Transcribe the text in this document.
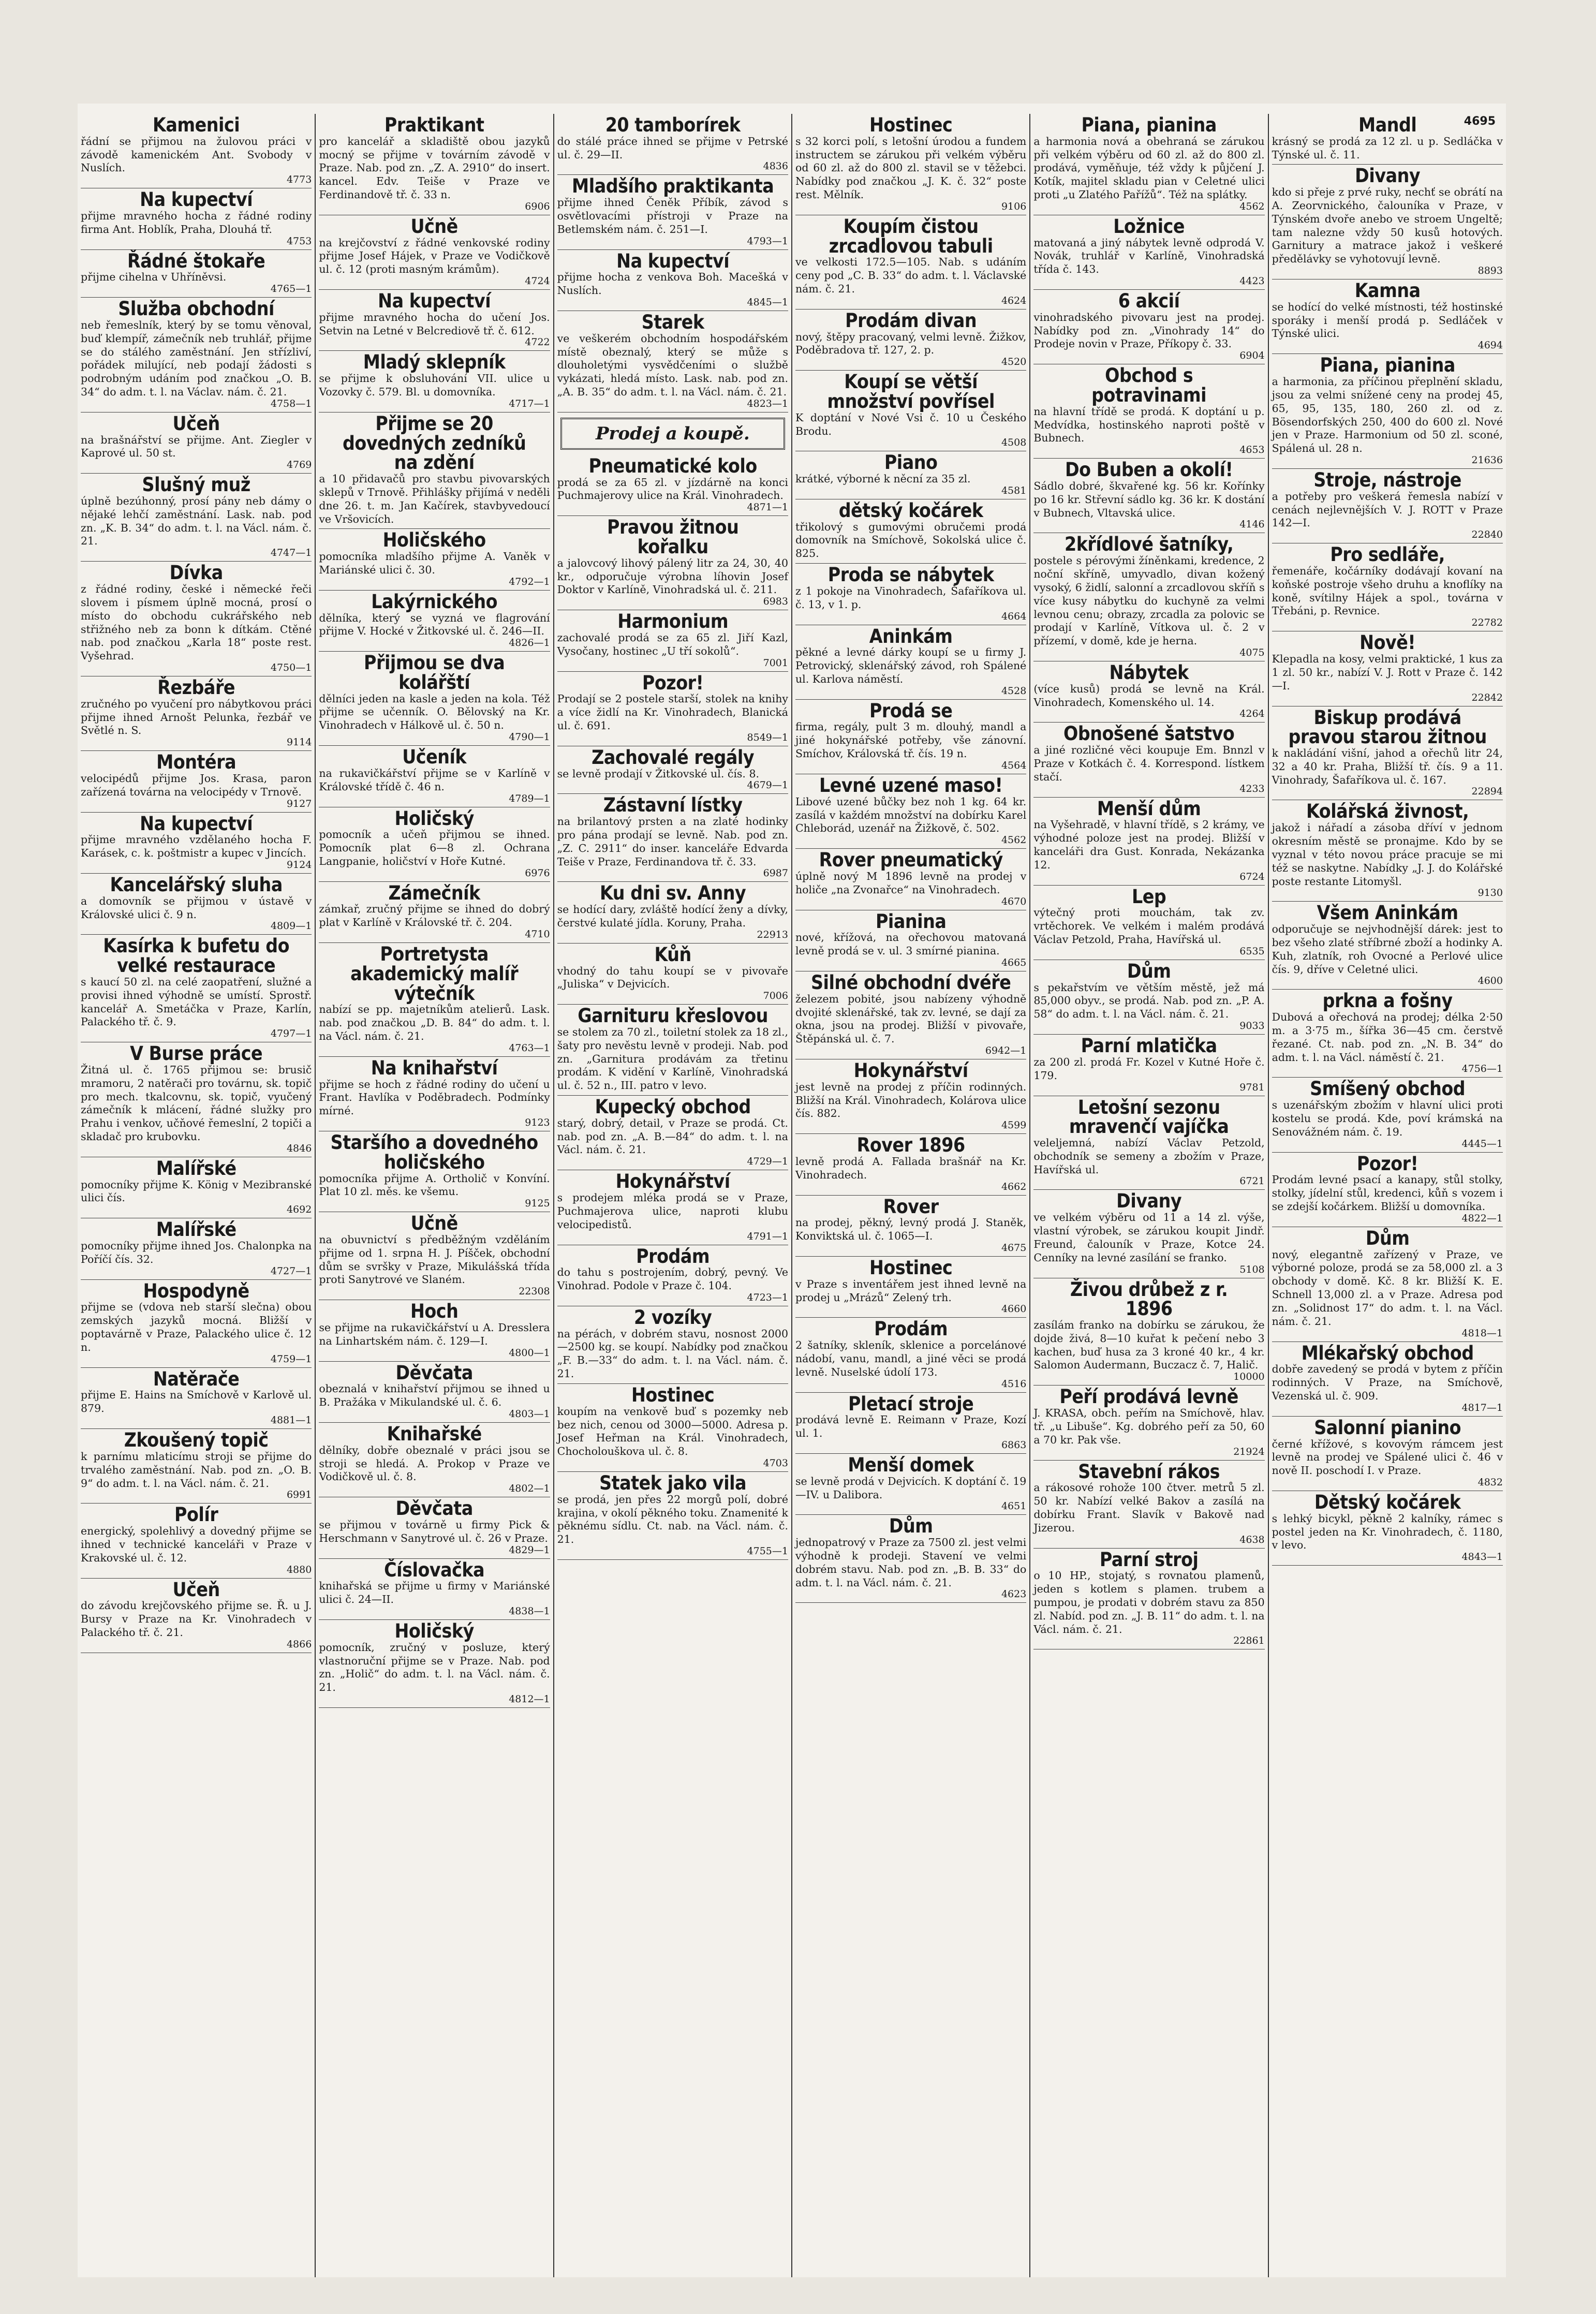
4695
Kamenici
řádní se přijmou na žulovou práci v závodě kamenickém Ant. Svobody v Nuslích.
4773
Na kupectví
přijme mravného hocha z řádné rodiny firma Ant. Hoblík, Praha, Dlouhá tř.
4753
Řádné štokaře
přijme cihelna v Uhříněvsi.
4765—1
Služba obchodní
neb řemeslník, který by se tomu věnoval, buď klempíř, zámečník neb truhlář, přijme se do stálého zaměstnání. Jen střízliví, pořádek milující, neb podají žádosti s podrobným udáním pod značkou „O. B. 34“ do adm. t. l. na Václav. nám. č. 21.
4758—1
Učeň
na brašnářství se přijme. Ant. Ziegler v Kaprové ul. 50 st.
4769
Slušný muž
úplně bezúhonný, prosí pány neb dámy o nějaké lehčí zaměstnání. Lask. nab. pod zn. „K. B. 34“ do adm. t. l. na Václ. nám. č. 21.
4747—1
Dívka
z řádné rodiny, české i německé řeči slovem i písmem úplně mocná, prosí o místo do obchodu cukrářského neb střižného neb za bonn k dítkám. Ctěné nab. pod značkou „Karla 18“ poste rest. Vyšehrad.
4750—1
Řezbáře
zručného po vyučení pro nábytkovou práci přijme ihned Arnošt Pelunka, řezbář ve Světlé n. S.
9114
Montéra
velocipédů přijme Jos. Krasa, paron zařízená továrna na velocipédy v Trnově.
9127
Na kupectví
přijme mravného vzdělaného hocha F. Karásek, c. k. poštmistr a kupec v Jincích.
9124
Kancelářský sluha
a domovník se přijmou v ústavě v Královské ulici č. 9 n.
4809—1
Kasírka k bufetu do velké restaurace
s kaucí 50 zl. na celé zaopatření, služné a provisi ihned výhodně se umístí. Sprostř. kancelář A. Smetáčka v Praze, Karlín, Palackého tř. č. 9.
4797—1
V Burse práce
Žitná ul. č. 1765 přijmou se: brusič mramoru, 2 natěrači pro továrnu, sk. topič pro mech. tkalcovnu, sk. topič, vyučený zámečník k mlácení, řádné služky pro Prahu i venkov, učňové řemeslní, 2 topiči a skladač pro krubovku.
4846
Malířské
pomocníky přijme K. König v Mezibranské ulici čís.
4692
Malířské
pomocníky přijme ihned Jos. Chalonpka na Poříčí čís. 32.
4727—1
Hospodyně
přijme se (vdova neb starší slečna) obou zemských jazyků mocná. Bližší v poptavárně v Praze, Palackého ulice č. 12 n.
4759—1
Natěrače
přijme E. Hains na Smíchově v Karlově ul. 879.
4881—1
Zkoušený topič
k parnímu mlaticímu stroji se přijme do trvalého zaměstnání. Nab. pod zn. „O. B. 9“ do adm. t. l. na Václ. nám. č. 21.
6991
Polír
energický, spolehlivý a dovedný přijme se ihned v technické kanceláři v Praze v Krakovské ul. č. 12.
4880
Učeň
do závodu krejčovského přijme se. Ř. u J. Bursy v Praze na Kr. Vinohradech v Palackého tř. č. 21.
4866
Praktikant
pro kancelář a skladiště obou jazyků mocný se přijme v továrním závodě v Praze. Nab. pod zn. „Z. A. 2910“ do insert. kancel. Edv. Teiše v Praze ve Ferdinandově tř. č. 33 n.
6906
Učně
na krejčovství z řádné venkovské rodiny přijme Josef Hájek, v Praze ve Vodičkově ul. č. 12 (proti masným krámům).
4724
Na kupectví
přijme mravného hocha do učení Jos. Setvin na Letné v Belcrediově tř. č. 612.
4722
Mladý sklepník
se přijme k obsluhování VII. ulice u Vozovky č. 579. Bl. u domovníka.
4717—1
Přijme se 20 dovedných zedníků na zdění
a 10 přidavačů pro stavbu pivovarských sklepů v Trnově. Přihlášky přijímá v neděli dne 26. t. m. Jan Kačírek, stavbyvedoucí ve Vršovicích.
Holičského
pomocníka mladšího přijme A. Vaněk v Mariánské ulici č. 30.
4792—1
Lakýrnického
dělníka, který se vyzná ve flagrování přijme V. Hocké v Žitkovské ul. č. 246—II.
4826—1
Přijmou se dva kolářští
dělníci jeden na kasle a jeden na kola. Též přijme se učenník. O. Bělovský na Kr. Vinohradech v Hálkově ul. č. 50 n.
4790—1
Učeník
na rukavičkářství přijme se v Karlíně v Královské třídě č. 46 n.
4789—1
Holičský
pomocník a učeň přijmou se ihned. Pomocník plat 6—8 zl. Ochrana Langpanie, holičství v Hoře Kutné.
6976
Zámečník
zámkař, zručný přijme se ihned do dobrý plat v Karlíně v Královské tř. č. 204.
4710
Portretysta akademický malíř výtečník
nabízí se pp. majetníkům atelierů. Lask. nab. pod značkou „D. B. 84“ do adm. t. l. na Václ. nám. č. 21.
4763—1
Na knihařství
přijme se hoch z řádné rodiny do učení u Frant. Havlíka v Poděbradech. Podmínky mírné.
9123
Staršího a dovedného holičského
pomocníka přijme A. Ortholič v Konvíní. Plat 10 zl. měs. ke všemu.
9125
Učně
na obuvnictví s předběžným vzděláním přijme od 1. srpna H. J. Píšček, obchodní dům se svršky v Praze, Mikulášská třída proti Sanytrové ve Slaném.
22308
Hoch
se přijme na rukavičkářství u A. Dresslera na Linhartském nám. č. 129—I.
4800—1
Děvčata
obeznalá v knihařství přijmou se ihned u B. Pražáka v Mikulandské ul. č. 6.
4803—1
Knihařské
dělníky, dobře obeznalé v práci jsou se stroji se hledá. A. Prokop v Praze ve Vodičkově ul. č. 8.
4802—1
Děvčata
se přijmou v továrně u firmy Pick & Herschmann v Sanytrové ul. č. 26 v Praze.
4829—1
Číslovačka
knihařská se přijme u firmy v Mariánské ulici č. 24—II.
4838—1
Holičský
pomocník, zručný v posluze, který vlastnoruční přijme se v Praze. Nab. pod zn. „Holič“ do adm. t. l. na Václ. nám. č. 21.
4812—1
20 tamborírek
do stálé práce ihned se přijme v Petrské ul. č. 29—II.
4836
Mladšího praktikanta
přijme ihned Čeněk Příbík, závod s osvětlovacími přístroji v Praze na Betlemském nám. č. 251—I.
4793—1
Na kupectví
přijme hocha z venkova Boh. Macešká v Nuslích.
4845—1
Starek
ve veškerém obchodním hospodářském místě obeznalý, který se může s dlouholetými vysvědčeními o službě vykázati, hledá místo. Lask. nab. pod zn. „A. B. 35“ do adm. t. l. na Václ. nám. č. 21.
4823—1
Prodej a koupě.
Pneumatické kolo
prodá se za 65 zl. v jízdárně na konci Puchmajerovy ulice na Král. Vinohradech.
4871—1
Pravou žitnou kořalku
a jalovcový lihový pálený litr za 24, 30, 40 kr., odporučuje výrobna líhovin Josef Doktor v Karlíně, Vinohradská ul. č. 211.
6983
Harmonium
zachovalé prodá se za 65 zl. Jiří Kazl, Vysočany, hostinec „U tří sokolů“.
7001
Pozor!
Prodají se 2 postele starší, stolek na knihy a více židlí na Kr. Vinohradech, Blanická ul. č. 691.
8549—1
Zachovalé regály
se levně prodají v Žitkovské ul. čís. 8.
4679—1
Zástavní lístky
na brilantový prsten a na zlaté hodinky pro pána prodají se levně. Nab. pod zn. „Z. C. 2911“ do inser. kanceláře Edvarda Teiše v Praze, Ferdinandova tř. č. 33.
6987
Ku dni sv. Anny
se hodící dary, zvláště hodící ženy a dívky, čerstvé kulaté jídla. Koruny, Praha.
22913
Kůň
vhodný do tahu koupí se v pivovaře „Juliska“ v Dejvicích.
7006
Garnituru křeslovou
se stolem za 70 zl., toiletní stolek za 18 zl., šaty pro nevěstu levně v prodeji. Nab. pod zn. „Garnitura prodávám za třetinu prodám. K vidění v Karlíně, Vinohradská ul. č. 52 n., III. patro v levo.
Kupecký obchod
starý, dobrý, detail, v Praze se prodá. Ct. nab. pod zn. „A. B.—84“ do adm. t. l. na Václ. nám. č. 21.
4729—1
Hokynářství
s prodejem mléka prodá se v Praze, Puchmajerova ulice, naproti klubu velocipedistů.
4791—1
Prodám
do tahu s postrojením, dobrý, pevný. Ve Vinohrad. Podole v Praze č. 104.
4723—1
2 vozíky
na pérách, v dobrém stavu, nosnost 2000—2500 kg. se koupí. Nabídky pod značkou „F. B.—33“ do adm. t. l. na Václ. nám. č. 21.
Hostinec
koupím na venkově buď s pozemky neb bez nich, cenou od 3000—5000. Adresa p. Josef Heřman na Král. Vinohradech, Chocholouškova ul. č. 8.
4703
Statek jako vila
se prodá, jen přes 22 morgů polí, dobré krajina, v okolí pěkného toku. Znamenité k pěknému sídlu. Ct. nab. na Václ. nám. č. 21.
4755—1
Hostinec
s 32 korci polí, s letošní úrodou a fundem instructem se zárukou při velkém výběru od 60 zl. až do 800 zl. stavil se v těžebci. Nabídky pod značkou „J. K. č. 32“ poste rest. Mělník.
9106
Koupím čistou zrcadlovou tabuli
ve velkosti 172.5—105. Nab. s udáním ceny pod „C. B. 33“ do adm. t. l. Václavské nám. č. 21.
4624
Prodám divan
nový, štěpy pracovaný, velmi levně. Žižkov, Poděbradova tř. 127, 2. p.
4520
Koupí se větší množství povřísel
K doptání v Nové Vsi č. 10 u Českého Brodu.
4508
Piano
krátké, výborné k něcní za 35 zl.
4581
dětský kočárek
třikolový s gumovými obručemi prodá domovník na Smíchově, Sokolská ulice č. 825.
Proda se nábytek
z 1 pokoje na Vinohradech, Šafaříkova ul. č. 13, v 1. p.
4664
Aninkám
pěkné a levné dárky koupí se u firmy J. Petrovický, sklenářský závod, roh Spálené ul. Karlova náměstí.
4528
Prodá se
firma, regály, pult 3 m. dlouhý, mandl a jiné hokynářské potřeby, vše zánovní. Smíchov, Královská tř. čís. 19 n.
4564
Levné uzené maso!
Libové uzené bůčky bez noh 1 kg. 64 kr. zasílá v každém množství na dobírku Karel Chleborád, uzenář na Žižkově, č. 502.
4562
Rover pneumatický
úplně nový M 1896 levně na prodej v holiče „na Zvonařce“ na Vinohradech.
4670
Pianina
nové, křížová, na ořechovou matovaná levně prodá se v. ul. 3 smírné pianina.
4665
Silné obchodní dvéře
železem pobité, jsou nabízeny výhodně dvojité sklenářské, tak zv. levné, se dají za okna, jsou na prodej. Bližší v pivovaře, Štěpánská ul. č. 7.
6942—1
Hokynářství
jest levně na prodej z příčin rodinných. Bližší na Král. Vinohradech, Kolárova ulice čís. 882.
4599
Rover 1896
levně prodá A. Fallada brašnář na Kr. Vinohradech.
4662
Rover
na prodej, pěkný, levný prodá J. Staněk, Konviktská ul. č. 1065—I.
4675
Hostinec
v Praze s inventářem jest ihned levně na prodej u „Mrázů“ Zelený trh.
4660
Prodám
2 šatníky, skleník, sklenice a porcelánové nádobí, vanu, mandl, a jiné věci se prodá levně. Nuselské údolí 173.
4516
Pletací stroje
prodává levně E. Reimann v Praze, Kozí ul. 1.
6863
Menší domek
se levně prodá v Dejvicích. K doptání č. 19—IV. u Dalibora.
4651
Dům
jednopatrový v Praze za 7500 zl. jest velmi výhodně k prodeji. Stavení ve velmi dobrém stavu. Nab. pod zn. „B. B. 33“ do adm. t. l. na Václ. nám. č. 21.
4623
Piana, pianina
a harmonia nová a obehraná se zárukou při velkém výběru od 60 zl. až do 800 zl. prodává, vyměňuje, též vždy k půjčení J. Kotík, majitel skladu pian v Celetné ulici proti „u Zlatého Pařížů“. Též na splátky.
4562
Ložnice
matovaná a jiný nábytek levně odprodá V. Novák, truhlář v Karlíně, Vinohradská třída č. 143.
4423
6 akcií
vinohradského pivovaru jest na prodej. Nabídky pod zn. „Vinohrady 14“ do Prodeje novin v Praze, Příkopy č. 33.
6904
Obchod s potravinami
na hlavní třídě se prodá. K doptání u p. Medvídka, hostinského naproti poště v Bubnech.
4653
Do Buben a okolí!
Sádlo dobré, škvařené kg. 56 kr. Kořínky po 16 kr. Střevní sádlo kg. 36 kr. K dostání v Bubnech, Vltavská ulice.
4146
2křídlové šatníky,
postele s pérovými žíněnkami, kredence, 2 noční skříně, umyvadlo, divan kožený vysoký, 6 židlí, salonní a zrcadlovou skříň s více kusy nábytku do kuchyně za velmi levnou cenu; obrazy, zrcadla za polovic se prodají v Karlíně, Vítkova ul. č. 2 v přízemí, v domě, kde je herna.
4075
Nábytek
(více kusů) prodá se levně na Král. Vinohradech, Komenského ul. 14.
4264
Obnošené šatstvo
a jiné rozličné věci koupuje Em. Bnnzl v Praze v Kotkách č. 4. Korrespond. lístkem stačí.
4233
Menší dům
na Vyšehradě, v hlavní třídě, s 2 krámy, ve výhodné poloze jest na prodej. Bližší v kanceláři dra Gust. Konrada, Nekázanka 12.
6724
Lep
výtečný proti mouchám, tak zv. vrtěchorek. Ve velkém i malém prodává Václav Petzold, Praha, Havířská ul.
6535
Dům
s pekařstvím ve větším městě, jež má 85,000 obyv., se prodá. Nab. pod zn. „P. A. 58“ do adm. t. l. na Václ. nám. č. 21.
9033
Parní mlatička
za 200 zl. prodá Fr. Kozel v Kutné Hoře č. 179.
9781
Letošní sezonu mravenčí vajíčka
veleljemná, nabízí Václav Petzold, obchodník se semeny a zbožím v Praze, Havířská ul.
6721
Divany
ve velkém výběru od 11 a 14 zl. výše, vlastní výrobek, se zárukou koupit Jindř. Freund, čalouník v Praze, Kotce 24. Cenníky na levné zasílání se franko.
5108
Živou drůbež z r. 1896
zasílám franko na dobírku se zárukou, že dojde živá, 8—10 kuřat k pečení nebo 3 kachen, buď husa za 3 kroné 40 kr., 4 kr. Salomon Audermann, Buczacz č. 7, Halič.
10000
Peří prodává levně
J. KRASA, obch. peřím na Smíchově, hlav. tř. „u Libuše“. Kg. dobrého peří za 50, 60 a 70 kr. Pak vše.
21924
Stavební rákos
a rákosové rohože 100 čtver. metrů 5 zl. 50 kr. Nabízí velké Bakov a zasílá na dobírku Frant. Slavík v Bakově nad Jizerou.
4638
Parní stroj
o 10 HP., stojatý, s rovnatou plamenů, jeden s kotlem s plamen. trubem a pumpou, je prodati v dobrém stavu za 850 zl. Nabíd. pod zn. „J. B. 11“ do adm. t. l. na Václ. nám. č. 21.
22861
Mandl
krásný se prodá za 12 zl. u p. Sedláčka v Týnské ul. č. 11.
Divany
kdo si přeje z prvé ruky, nechť se obrátí na A. Zeorvnického, čalouníka v Praze, v Týnském dvoře anebo ve stroem Ungeltě; tam nalezne vždy 50 kusů hotových. Garnitury a matrace jakož i veškeré předělávky se vyhotovují levně.
8893
Kamna
se hodící do velké místnosti, též hostinské sporáky i menší prodá p. Sedláček v Týnské ulici.
4694
Piana, pianina
a harmonia, za příčinou přeplnění skladu, jsou za velmi snížené ceny na prodej 45, 65, 95, 135, 180, 260 zl. od z. Bösendorfských 250, 400 do 600 zl. Nové jen v Praze. Harmonium od 50 zl. sconé, Spálená ul. 28 n.
21636
Stroje, nástroje
a potřeby pro veškerá řemesla nabízí v cenách nejlevnějších V. J. ROTT v Praze 142—I.
22840
Pro sedláře,
řemenáře, kočárníky dodávají kovaní na koňské postroje všeho druhu a knoflíky na koně, svítilny Hájek a spol., továrna v Třebáni, p. Revnice.
22782
Nově!
Klepadla na kosy, velmi praktické, 1 kus za 1 zl. 50 kr., nabízí V. J. Rott v Praze č. 142—I.
22842
Biskup prodává pravou starou žitnou
k nakládání višní, jahod a ořechů litr 24, 32 a 40 kr. Praha, Bližší tř. čís. 9 a 11. Vinohrady, Šafaříkova ul. č. 167.
22894
Kolářská živnost,
jakož i nářadí a zásoba dříví v jednom okresním městě se pronajme. Kdo by se vyznal v této novou práce pracuje se mi též se naskytne. Nabídky „J. J. do Kolářské poste restante Litomyšl.
9130
Všem Aninkám
odporučuje se nejvhodnější dárek: jest to bez všeho zlaté stříbrné zboží a hodinky A. Kuh, zlatník, roh Ovocné a Perlové ulice čís. 9, dříve v Celetné ulici.
4600
prkna a fošny
Dubová a ořechová na prodej; délka 2·50 m. a 3·75 m., šířka 36—45 cm. čerstvě řezané. Ct. nab. pod zn. „N. B. 34“ do adm. t. l. na Václ. náměstí č. 21.
4756—1
Smíšený obchod
s uzenářským zbožím v hlavní ulici proti kostelu se prodá. Kde, poví krámská na Senovážném nám. č. 19.
4445—1
Pozor!
Prodám levné psací a kanapy, stůl stolky, stolky, jídelní stůl, kredenci, kůň s vozem i se zdejší kočárkem. Bližší u domovníka.
4822—1
Dům
nový, elegantně zařízený v Praze, ve výborné poloze, prodá se za 58,000 zl. a 3 obchody v domě. Kč. 8 kr. Bližší K. E. Schnell 13,000 zl. a v Praze. Adresa pod zn. „Solidnost 17“ do adm. t. l. na Václ. nám. č. 21.
4818—1
Mlékařský obchod
dobře zavedený se prodá v bytem z příčin rodinných. V Praze, na Smíchově, Vezenská ul. č. 909.
4817—1
Salonní pianino
černé křížové, s kovovým rámcem jest levně na prodej ve Spálené ulici č. 46 v nově II. poschodí I. v Praze.
4832
Dětský kočárek
s lehký bicykl, pěkně 2 kalníky, rámec s postel jeden na Kr. Vinohradech, č. 1180, v levo.
4843—1
